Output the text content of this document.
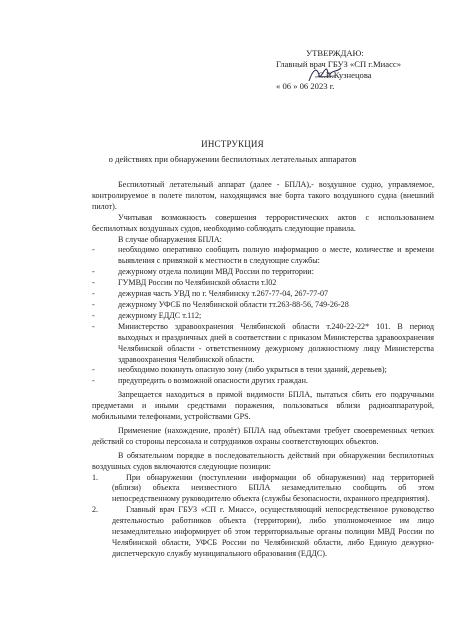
УТВЕРЖДАЮ:
Главный врач ГБУЗ «СП г.Миасс»
С.В.Кузнецова
« 06 » 06 2023 г.
ИНСТРУКЦИЯ
о действиях при обнаружении беспилотных летательных аппаратов

Беспилотный летательный аппарат (далее - БПЛА),- воздушное судно, управляемое, контролируемое в полете пилотом, находящимся вне борта такого воздушного судна (внешний пилот).

Учитывая возможность совершения террористических актов с использованием беспилотных воздушных судов, необходимо соблюдать следующие правила.

В случае обнаружения БПЛА:

-	необходимо оперативно сообщить полную информацию о месте, количестве и времени выявления с привязкой к местности в следующие службы:
-	дежурному отдела полиции МВД России по территории:
-	ГУМВД России по Челябинской области т.l02
-	дежурная часть УВД по г. Челябинску т.267-77-04, 267-77-07
-	дежурному УФСБ по Челябинской области тт.263-88-56, 749-26-28
-	дежурному ЕДДС т.112;
-	Министерство здравоохранения Челябинской области т.240-22-22* 101. В период выходных и праздничных дней в соответствии с приказом Министерства здравоохранения Челябинской области - ответственному дежурному должностному лицу Министерства здравоохранения Челябинской области.
-	необходимо покинуть опасную зону (либо укрыться в тени зданий, деревьев);
-	предупредить о возможной опасности других граждан.

Запрещается находиться в прямой видимости БПЛА, пытаться сбить его подручными предметами и иными средствами поражения, пользоваться вблизи радиоаппаратурой, мобильными телефонами, устройствами GPS.

Применение (нахождение, пролёт) БПЛА над объектами требует своевременных четких действий со стороны персонала и сотрудников охраны соответствующих объектов.

В обязательном порядке в последовательность действий при обнаружении беспилотных воздушных судов включаются следующие позиции:

1.	При обнаружении (поступлении информации об обнаружении) над территорией (вблизи) объекта неизвестного БПЛА незамедлительно сообщить об этом непосредственному руководителю объекта (службы безопасности, охранного предприятия).
2.	Главный врач ГБУЗ «СП г. Миасс», осуществляющий непосредственное руководство деятельностью работников объекта (территории), либо уполномоченное им лицо незамедлительно информирует об этом территориальные органы полиции МВД России по Челябинской области, УФСБ России по Челябинской области, либо Единую дежурно-диспетчерскую службу муниципального образования (ЕДДС).
